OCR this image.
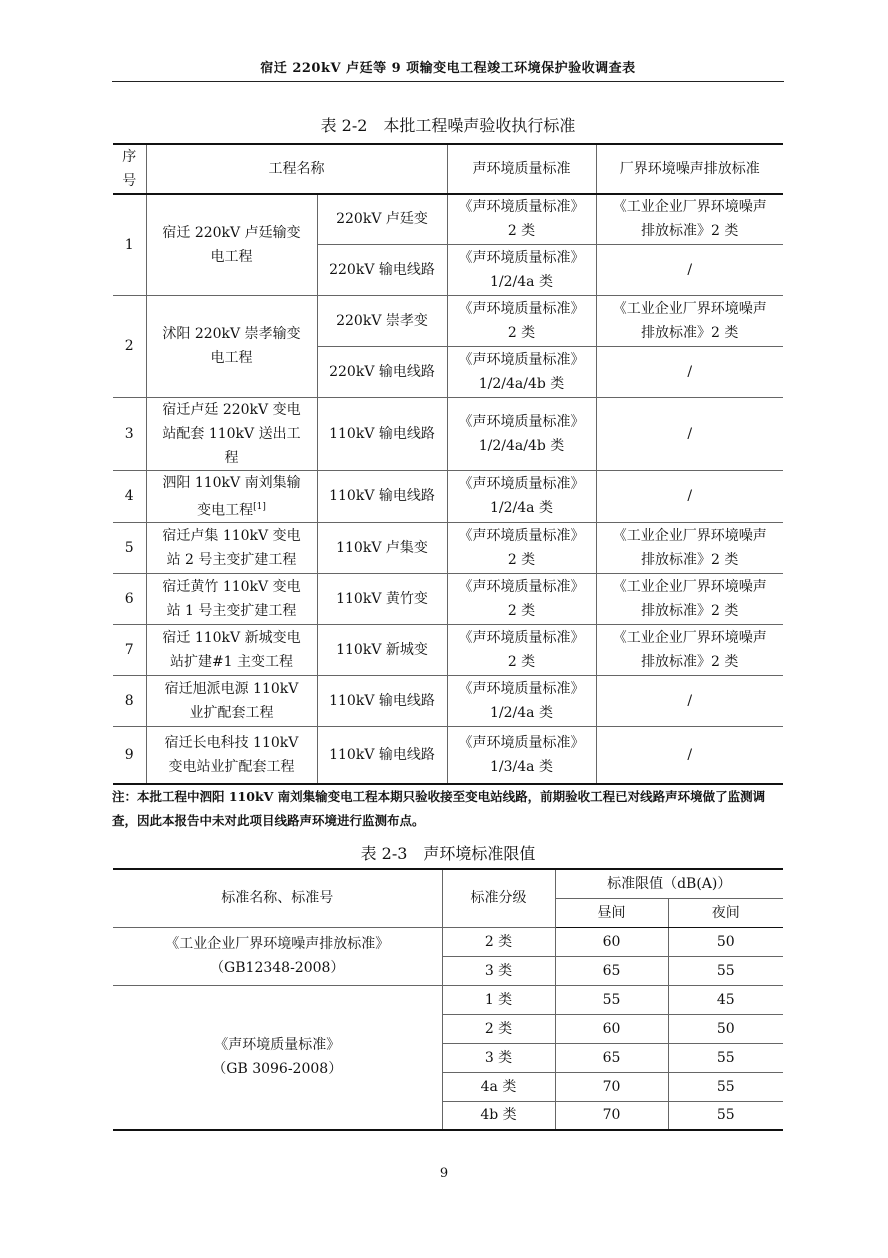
宿迁 220kV 卢廷等 9 项输变电工程竣工环境保护验收调查表
表 2-2　本批工程噪声验收执行标准
序号	工程名称		声环境质量标准	厂界环境噪声排放标准
1	宿迁 220kV 卢廷输变电工程	220kV 卢廷变	《声环境质量标准》
2 类	《工业企业厂界环境噪声
排放标准》2 类
		220kV 输电线路	《声环境质量标准》
1/2/4a 类	/
2	沭阳 220kV 崇孝输变电工程	220kV 崇孝变	《声环境质量标准》
2 类	《工业企业厂界环境噪声
排放标准》2 类
		220kV 输电线路	《声环境质量标准》
1/2/4a/4b 类	/
3	宿迁卢廷 220kV 变电站配套 110kV 送出工程	110kV 输电线路	《声环境质量标准》
1/2/4a/4b 类	/
4	泗阳 110kV 南刘集输变电工程[1]	110kV 输电线路	《声环境质量标准》
1/2/4a 类	/
5	宿迁卢集 110kV 变电站 2 号主变扩建工程	110kV 卢集变	《声环境质量标准》
2 类	《工业企业厂界环境噪声
排放标准》2 类
6	宿迁黄竹 110kV 变电站 1 号主变扩建工程	110kV 黄竹变	《声环境质量标准》
2 类	《工业企业厂界环境噪声
排放标准》2 类
7	宿迁 110kV 新城变电站扩建#1 主变工程	110kV 新城变	《声环境质量标准》
2 类	《工业企业厂界环境噪声
排放标准》2 类
8	宿迁旭派电源 110kV 业扩配套工程	110kV 输电线路	《声环境质量标准》
1/2/4a 类	/
9	宿迁长电科技 110kV 变电站业扩配套工程	110kV 输电线路	《声环境质量标准》
1/3/4a 类	/
注：本批工程中泗阳 110kV 南刘集输变电工程本期只验收接至变电站线路，前期验收工程已对线路声环境做了监测调查，因此本报告中未对此项目线路声环境进行监测布点。
表 2-3　声环境标准限值
标准名称、标准号	标准分级	标准限值（dB(A)）	
		昼间	夜间
《工业企业厂界环境噪声排放标准》
（GB12348-2008）	2 类	60	50
	3 类	65	55
《声环境质量标准》
（GB 3096-2008）	1 类	55	45
	2 类	60	50
	3 类	65	55
	4a 类	70	55
	4b 类	70	55
9
